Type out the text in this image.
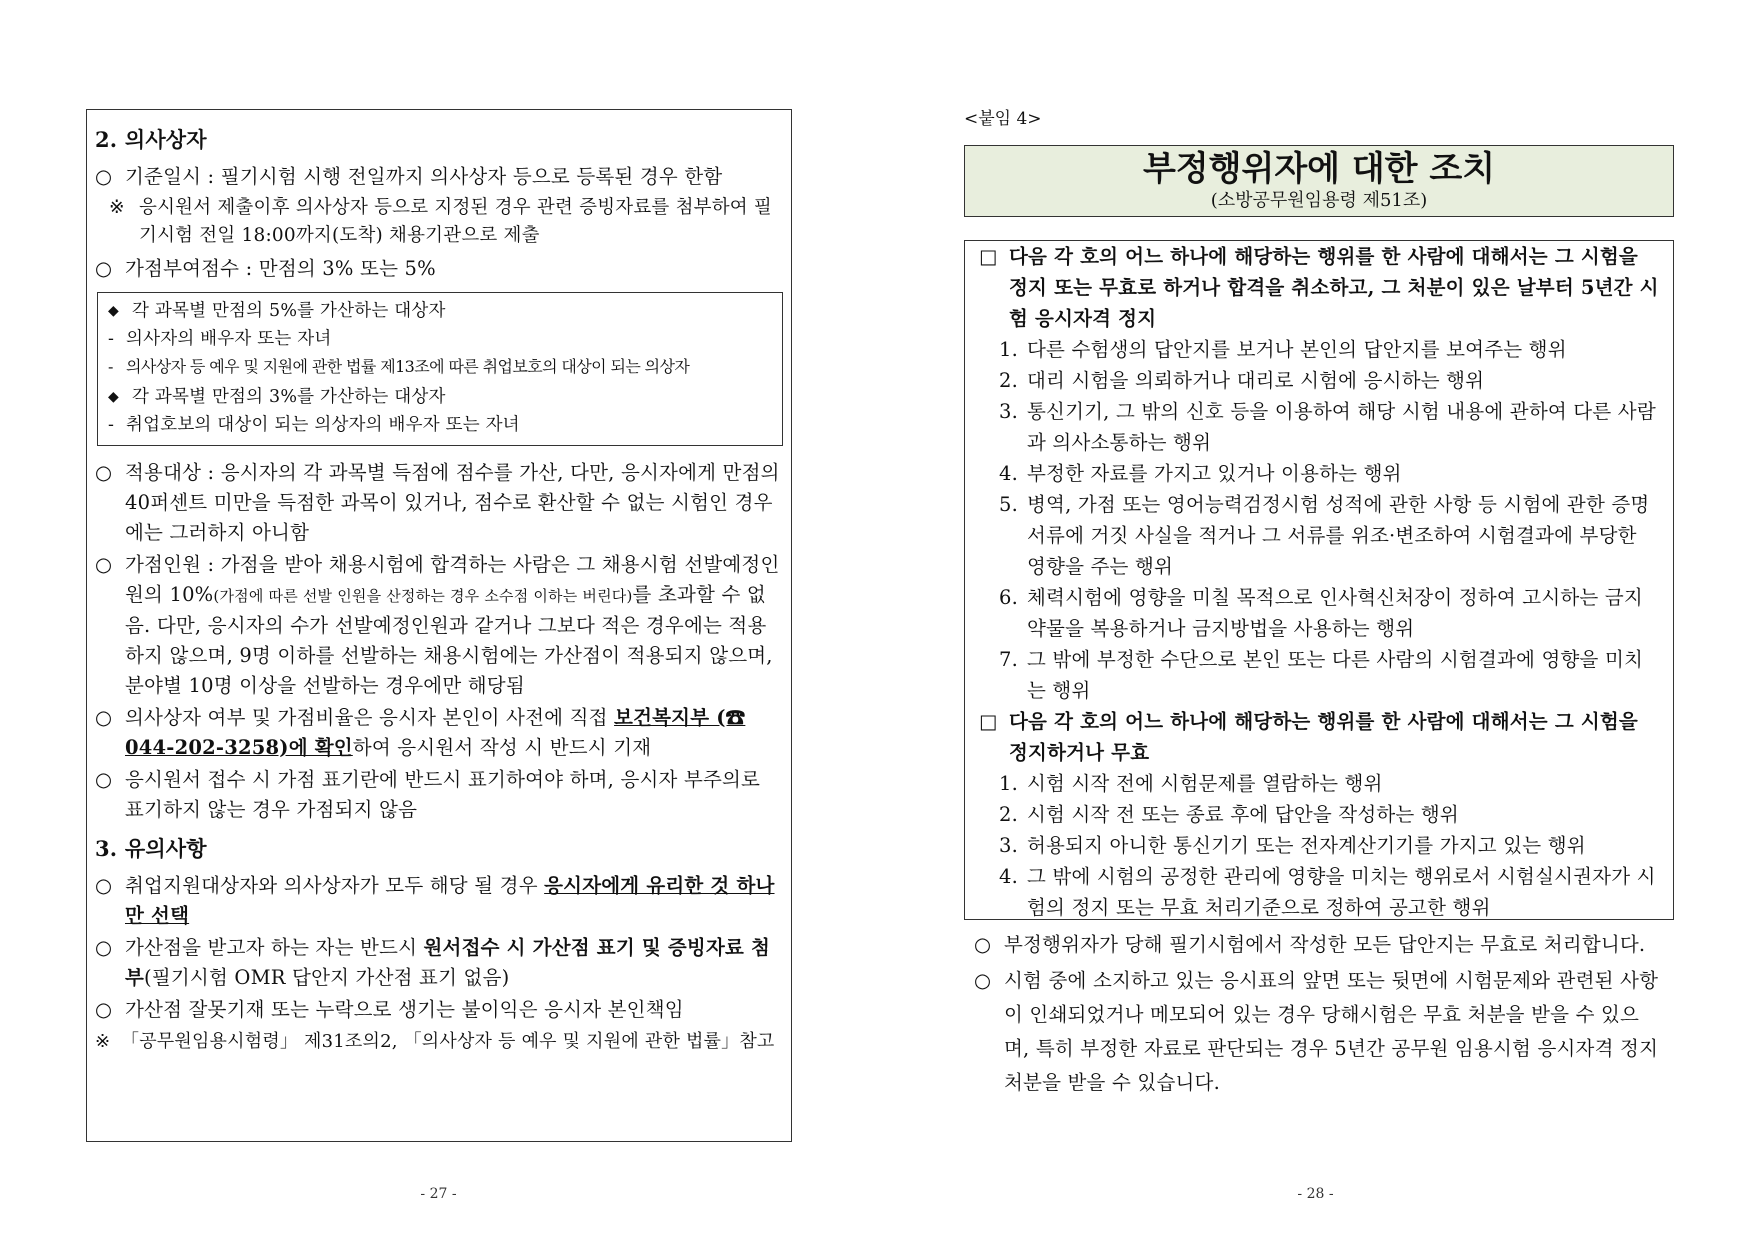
2. 의사상자
○ 기준일시 : 필기시험 시행 전일까지 의사상자 등으로 등록된 경우 한함
※ 응시원서 제출이후 의사상자 등으로 지정된 경우 관련 증빙자료를 첨부하여 필기시험 전일 18:00까지(도착) 채용기관으로 제출
○ 가점부여점수 : 만점의 3% 또는 5%
◆ 각 과목별 만점의 5%를 가산하는 대상자
- 의사자의 배우자 또는 자녀
- 의사상자 등 예우 및 지원에 관한 법률 제13조에 따른 취업보호의 대상이 되는 의상자
◆ 각 과목별 만점의 3%를 가산하는 대상자
- 취업호보의 대상이 되는 의상자의 배우자 또는 자녀
○ 적용대상 : 응시자의 각 과목별 득점에 점수를 가산, 다만, 응시자에게 만점의 40퍼센트 미만을 득점한 과목이 있거나, 점수로 환산할 수 없는 시험인 경우에는 그러하지 아니함
○ 가점인원 : 가점을 받아 채용시험에 합격하는 사람은 그 채용시험 선발예정인원의 10%(가점에 따른 선발 인원을 산정하는 경우 소수점 이하는 버린다)를 초과할 수 없음. 다만, 응시자의 수가 선발예정인원과 같거나 그보다 적은 경우에는 적용하지 않으며, 9명 이하를 선발하는 채용시험에는 가산점이 적용되지 않으며, 분야별 10명 이상을 선발하는 경우에만 해당됨
○ 의사상자 여부 및 가점비율은 응시자 본인이 사전에 직접 보건복지부 (☎ 044-202-3258)에 확인하여 응시원서 작성 시 반드시 기재
○ 응시원서 접수 시 가점 표기란에 반드시 표기하여야 하며, 응시자 부주의로 표기하지 않는 경우 가점되지 않음
3. 유의사항
○ 취업지원대상자와 의사상자가 모두 해당 될 경우 응시자에게 유리한 것 하나만 선택
○ 가산점을 받고자 하는 자는 반드시 원서접수 시 가산점 표기 및 증빙자료 첨부(필기시험 OMR 답안지 가산점 표기 없음)
○ 가산점 잘못기재 또는 누락으로 생기는 불이익은 응시자 본인책임
※ 「공무원임용시험령」 제31조의2, 「의사상자 등 예우 및 지원에 관한 법률」참고
- 27 -
<붙임 4>
부정행위자에 대한 조치
(소방공무원임용령 제51조)
□ 다음 각 호의 어느 하나에 해당하는 행위를 한 사람에 대해서는 그 시험을 정지 또는 무효로 하거나 합격을 취소하고, 그 처분이 있은 날부터 5년간 시험 응시자격 정지
1. 다른 수험생의 답안지를 보거나 본인의 답안지를 보여주는 행위
2. 대리 시험을 의뢰하거나 대리로 시험에 응시하는 행위
3. 통신기기, 그 밖의 신호 등을 이용하여 해당 시험 내용에 관하여 다른 사람과 의사소통하는 행위
4. 부정한 자료를 가지고 있거나 이용하는 행위
5. 병역, 가점 또는 영어능력검정시험 성적에 관한 사항 등 시험에 관한 증명서류에 거짓 사실을 적거나 그 서류를 위조·변조하여 시험결과에 부당한 영향을 주는 행위
6. 체력시험에 영향을 미칠 목적으로 인사혁신처장이 정하여 고시하는 금지약물을 복용하거나 금지방법을 사용하는 행위
7. 그 밖에 부정한 수단으로 본인 또는 다른 사람의 시험결과에 영향을 미치는 행위
□ 다음 각 호의 어느 하나에 해당하는 행위를 한 사람에 대해서는 그 시험을 정지하거나 무효
1. 시험 시작 전에 시험문제를 열람하는 행위
2. 시험 시작 전 또는 종료 후에 답안을 작성하는 행위
3. 허용되지 아니한 통신기기 또는 전자계산기기를 가지고 있는 행위
4. 그 밖에 시험의 공정한 관리에 영향을 미치는 행위로서 시험실시권자가 시험의 정지 또는 무효 처리기준으로 정하여 공고한 행위
○ 부정행위자가 당해 필기시험에서 작성한 모든 답안지는 무효로 처리합니다.
○ 시험 중에 소지하고 있는 응시표의 앞면 또는 뒷면에 시험문제와 관련된 사항이 인쇄되었거나 메모되어 있는 경우 당해시험은 무효 처분을 받을 수 있으며, 특히 부정한 자료로 판단되는 경우 5년간 공무원 임용시험 응시자격 정지 처분을 받을 수 있습니다.
- 28 -
